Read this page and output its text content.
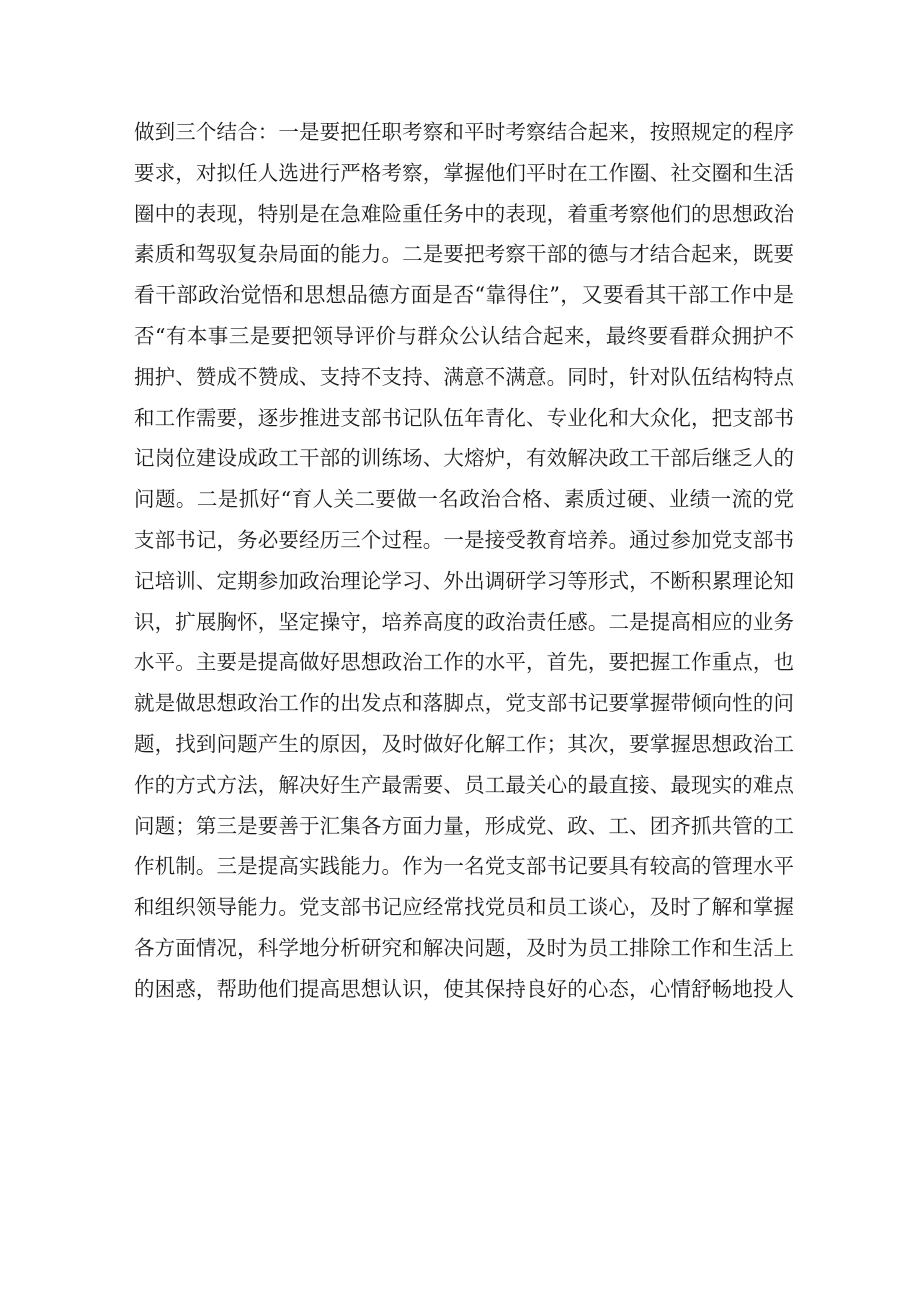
做到三个结合：一是要把任职考察和平时考察结合起来，按照规定的程序
要求，对拟任人选进行严格考察，掌握他们平时在工作圈、社交圈和生活
圈中的表现，特别是在急难险重任务中的表现，着重考察他们的思想政治
素质和驾驭复杂局面的能力。二是要把考察干部的德与才结合起来，既要
看干部政治觉悟和思想品德方面是否“靠得住”，又要看其干部工作中是
否“有本事三是要把领导评价与群众公认结合起来，最终要看群众拥护不
拥护、赞成不赞成、支持不支持、满意不满意。同时，针对队伍结构特点
和工作需要，逐步推进支部书记队伍年青化、专业化和大众化，把支部书
记岗位建设成政工干部的训练场、大熔炉，有效解决政工干部后继乏人的
问题。二是抓好“育人关二要做一名政治合格、素质过硬、业绩一流的党
支部书记，务必要经历三个过程。一是接受教育培养。通过参加党支部书
记培训、定期参加政治理论学习、外出调研学习等形式，不断积累理论知
识，扩展胸怀，坚定操守，培养高度的政治责任感。二是提高相应的业务
水平。主要是提高做好思想政治工作的水平，首先，要把握工作重点，也
就是做思想政治工作的出发点和落脚点，党支部书记要掌握带倾向性的问
题，找到问题产生的原因，及时做好化解工作；其次，要掌握思想政治工
作的方式方法，解决好生产最需要、员工最关心的最直接、最现实的难点
问题；第三是要善于汇集各方面力量，形成党、政、工、团齐抓共管的工
作机制。三是提高实践能力。作为一名党支部书记要具有较高的管理水平
和组织领导能力。党支部书记应经常找党员和员工谈心，及时了解和掌握
各方面情况，科学地分析研究和解决问题，及时为员工排除工作和生活上
的困惑，帮助他们提高思想认识，使其保持良好的心态，心情舒畅地投人
